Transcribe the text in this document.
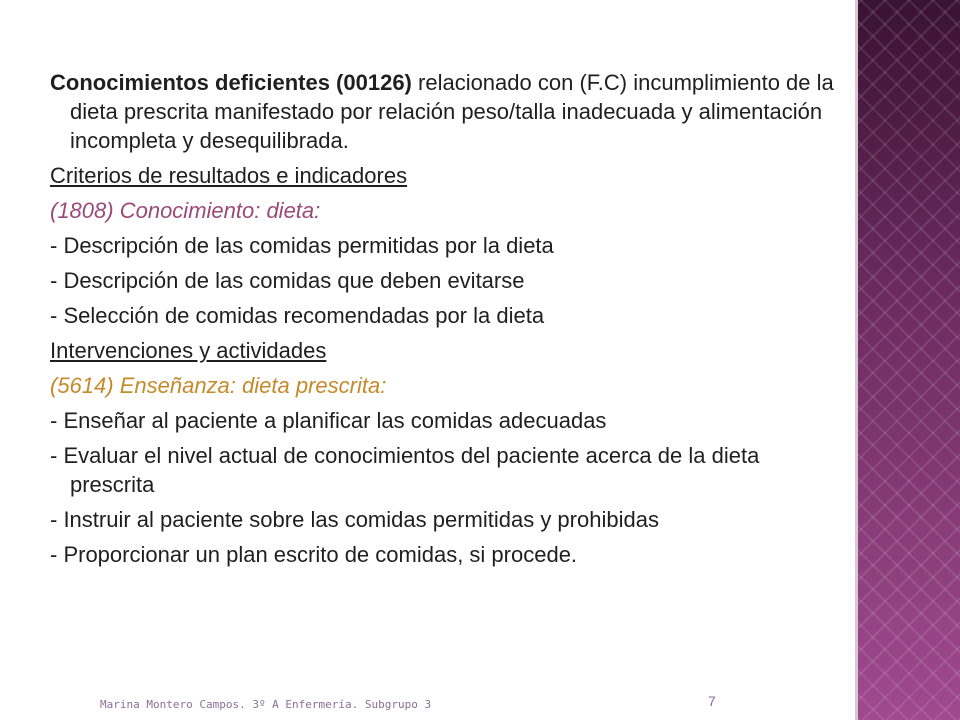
Conocimientos deficientes (00126) relacionado con (F.C) incumplimiento de la dieta prescrita manifestado por relación peso/talla inadecuada y alimentación incompleta y desequilibrada.

Criterios de resultados e indicadores

(1808) Conocimiento: dieta:

- Descripción de las comidas permitidas por la dieta

- Descripción de las comidas que deben evitarse

- Selección de comidas recomendadas por la dieta

Intervenciones y actividades

(5614) Enseñanza: dieta prescrita:

- Enseñar al paciente a planificar las comidas adecuadas

- Evaluar el nivel actual de conocimientos del paciente acerca de la dieta prescrita

- Instruir al paciente sobre las comidas permitidas y prohibidas

- Proporcionar un plan escrito de comidas, si procede.

Marina Montero Campos. 3º A Enfermería. Subgrupo 3	7
